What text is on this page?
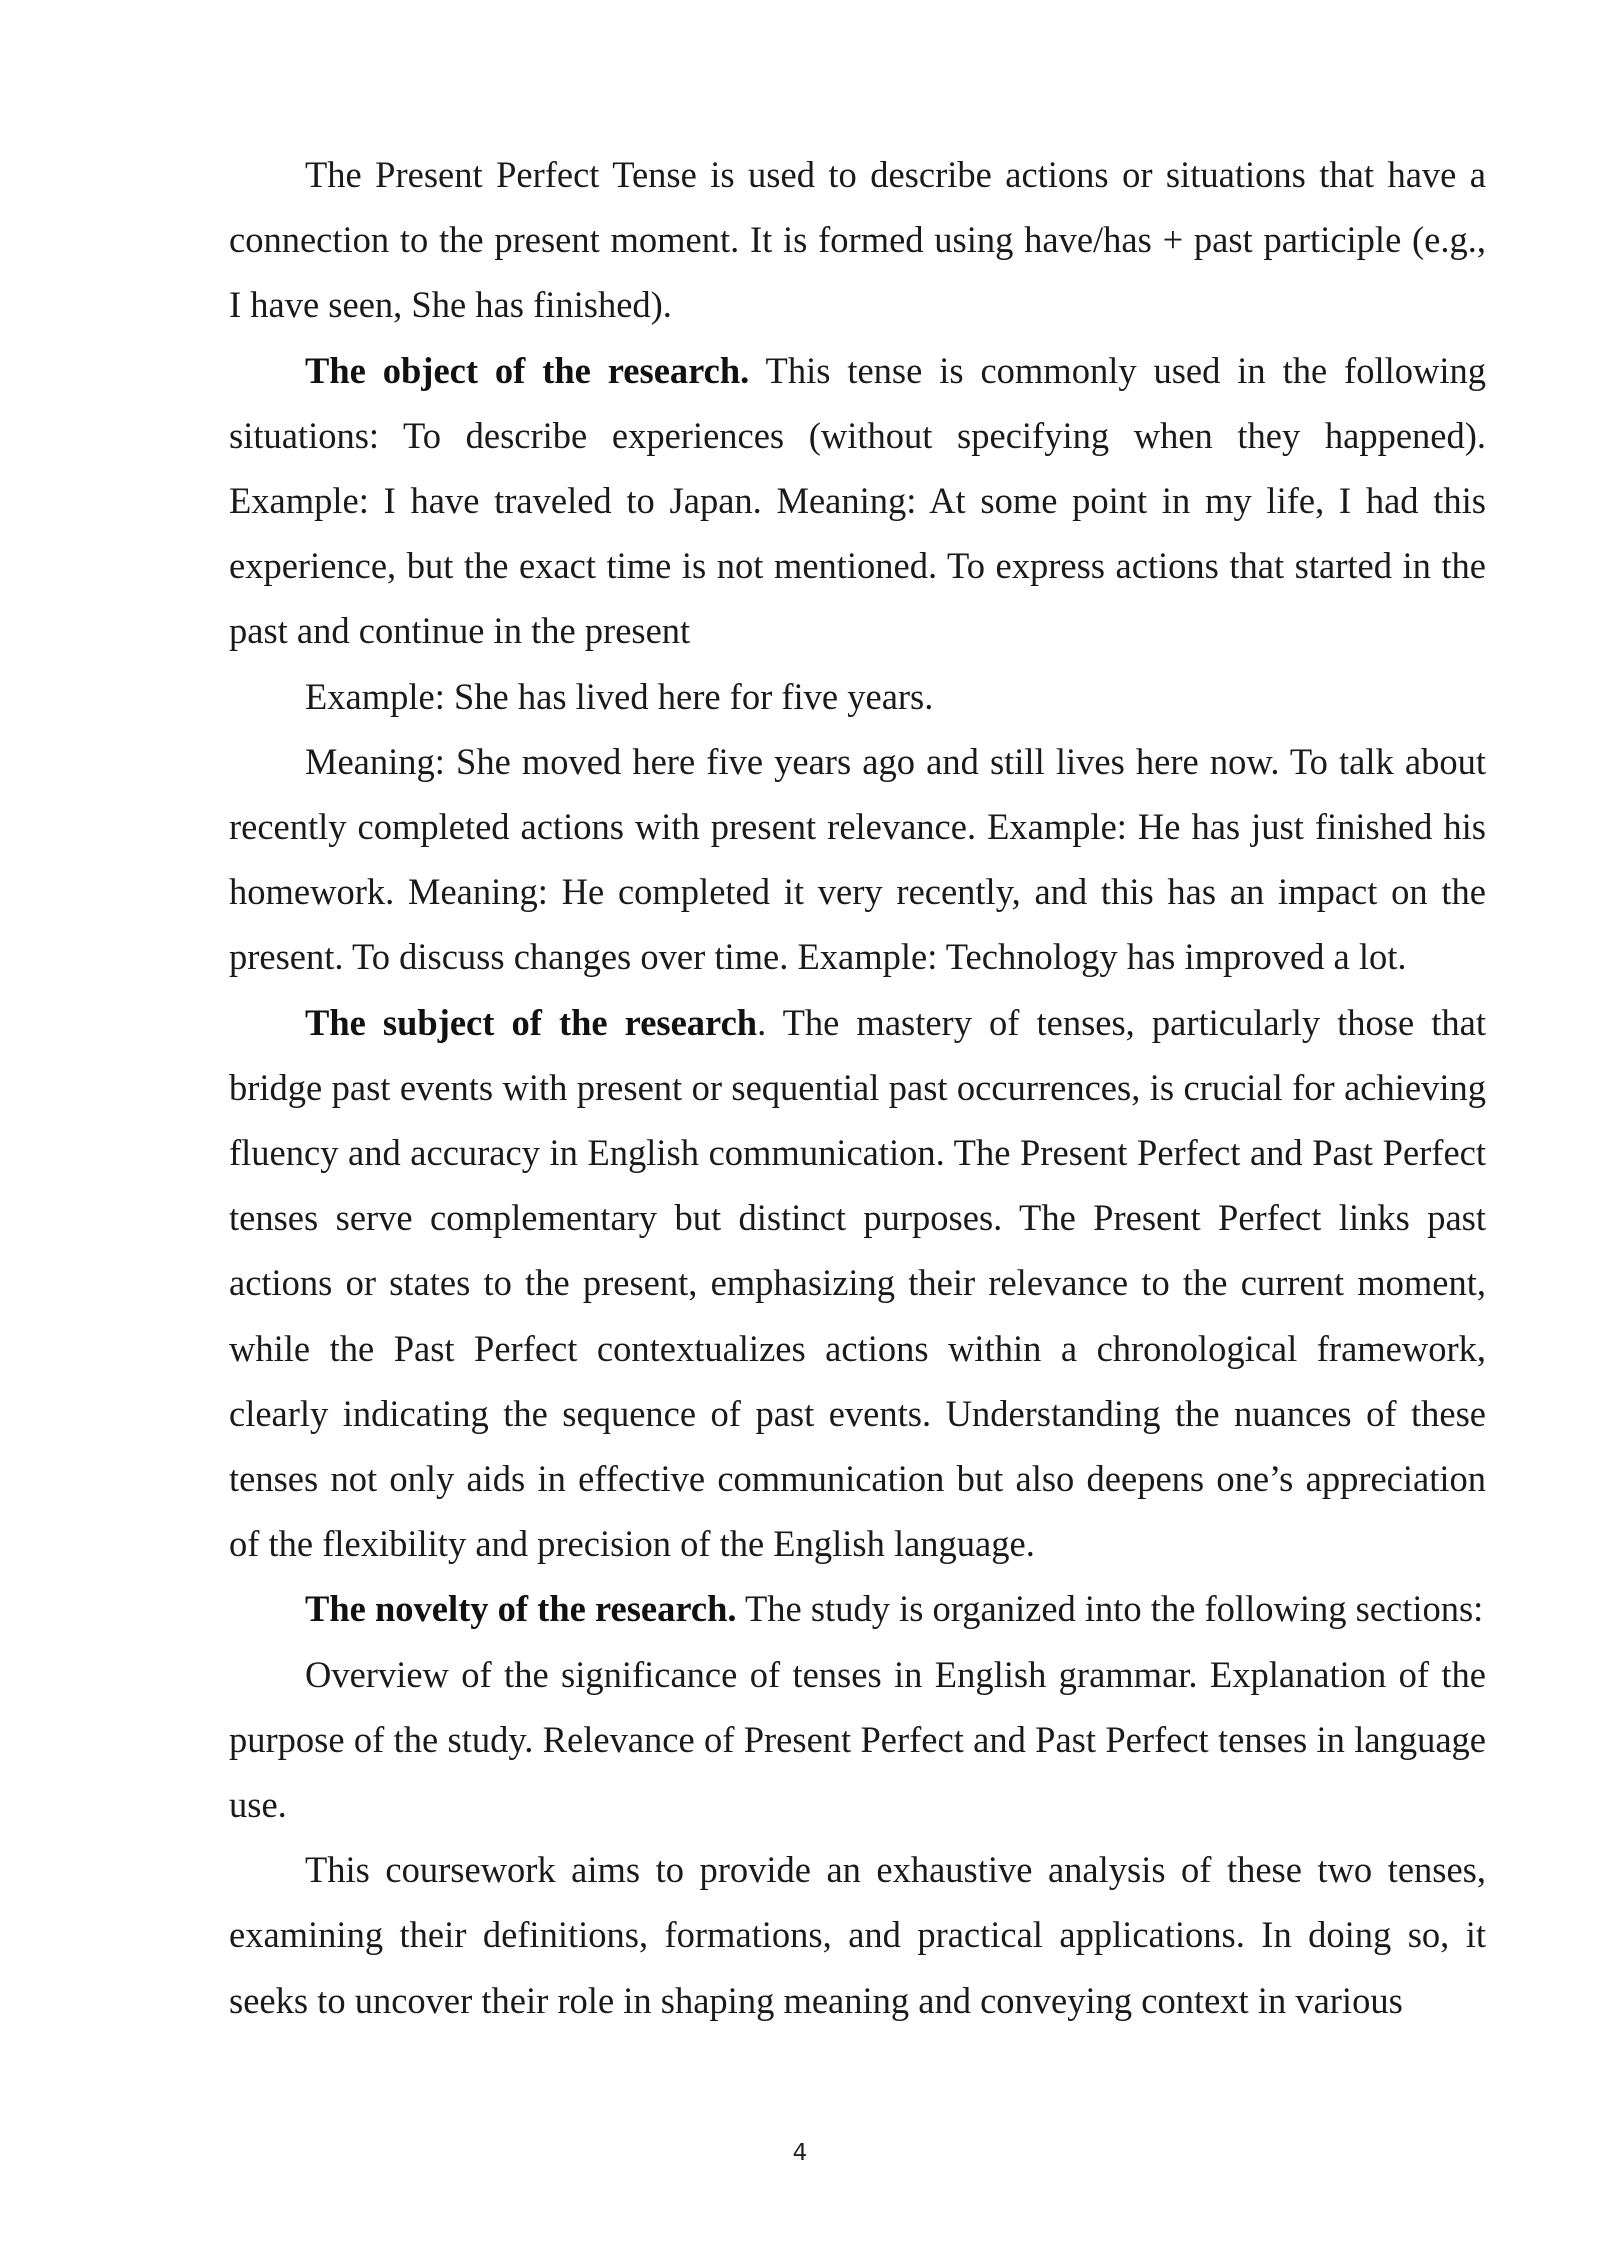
The Present Perfect Tense is used to describe actions or situations that have a connection to the present moment. It is formed using have/has + past participle (e.g., I have seen, She has finished).

The object of the research. This tense is commonly used in the following situations: To describe experiences (without specifying when they happened). Example: I have traveled to Japan. Meaning: At some point in my life, I had this experience, but the exact time is not mentioned. To express actions that started in the past and continue in the present

Example: She has lived here for five years.

Meaning: She moved here five years ago and still lives here now. To talk about recently completed actions with present relevance. Example: He has just finished his homework. Meaning: He completed it very recently, and this has an impact on the present. To discuss changes over time. Example: Technology has improved a lot.

The subject of the research. The mastery of tenses, particularly those that bridge past events with present or sequential past occurrences, is crucial for achieving fluency and accuracy in English communication. The Present Perfect and Past Perfect tenses serve complementary but distinct purposes. The Present Perfect links past actions or states to the present, emphasizing their relevance to the current moment, while the Past Perfect contextualizes actions within a chronological framework, clearly indicating the sequence of past events. Understanding the nuances of these tenses not only aids in effective communication but also deepens one’s appreciation of the flexibility and precision of the English language.

The novelty of the research. The study is organized into the following sections:

Overview of the significance of tenses in English grammar. Explanation of the purpose of the study. Relevance of Present Perfect and Past Perfect tenses in language use.

This coursework aims to provide an exhaustive analysis of these two tenses, examining their definitions, formations, and practical applications. In doing so, it seeks to uncover their role in shaping meaning and conveying context in various

4
